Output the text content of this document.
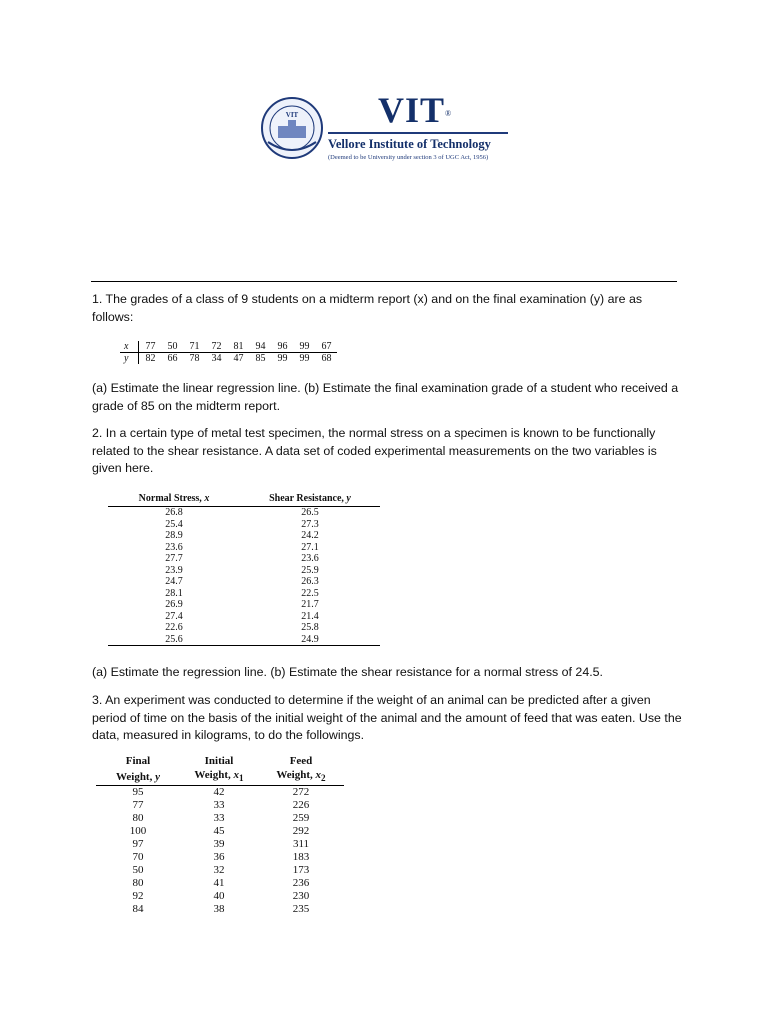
VIT VIT®
Vellore Institute of Technology
(Deemed to be University under section 3 of UGC Act, 1956)

1. The grades of a class of 9 students on a midterm report (x) and on the final examination (y) are as follows:

x	77	50	71	72	81	94	96	99	67
y	82	66	78	34	47	85	99	99	68

(a) Estimate the linear regression line. (b) Estimate the final examination grade of a student who received a grade of 85 on the midterm report.

2. In a certain type of metal test specimen, the normal stress on a specimen is known to be functionally related to the shear resistance. A data set of coded experimental measurements on the two variables is given here.

Normal Stress, x	Shear Resistance, y
26.8	26.5
25.4	27.3
28.9	24.2
23.6	27.1
27.7	23.6
23.9	25.9
24.7	26.3
28.1	22.5
26.9	21.7
27.4	21.4
22.6	25.8
25.6	24.9

(a) Estimate the regression line. (b) Estimate the shear resistance for a normal stress of 24.5.

3. An experiment was conducted to determine if the weight of an animal can be predicted after a given period of time on the basis of the initial weight of the animal and the amount of feed that was eaten. Use the data, measured in kilograms, to do the followings.

Final	Initial	Feed
Weight, y	Weight, $x_1$	Weight, $x_2$
95	42	272
77	33	226
80	33	259
100	45	292
97	39	311
70	36	183
50	32	173
80	41	236
92	40	230
84	38	235
